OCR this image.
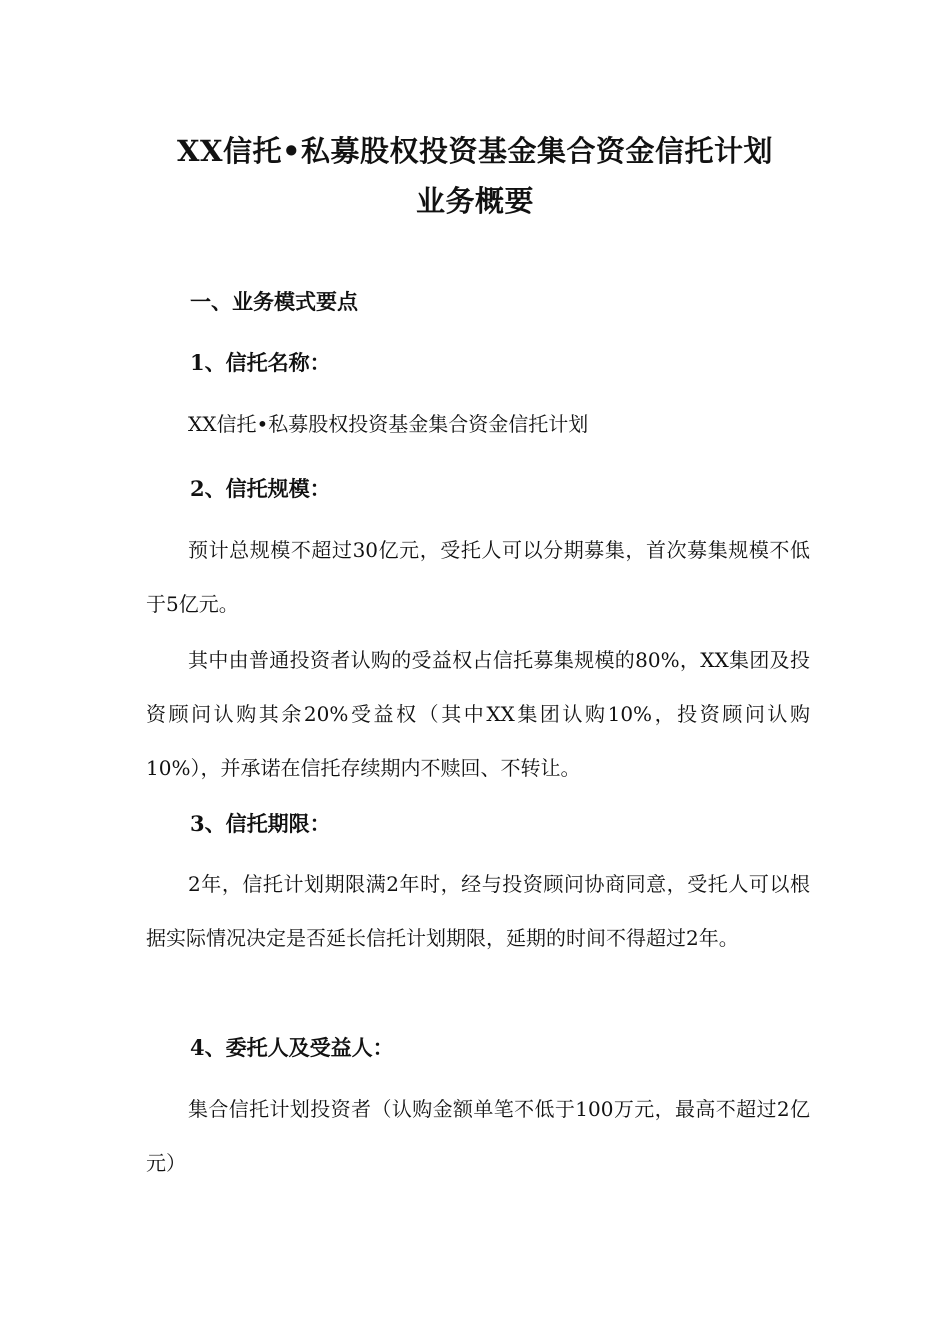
XX信托•私募股权投资基金集合资金信托计划
业务概要
一、业务模式要点
1、信托名称：

XX信托•私募股权投资基金集合资金信托计划

2、信托规模：

预计总规模不超过30亿元，受托人可以分期募集，首次募集规模不低于5亿元。

其中由普通投资者认购的受益权占信托募集规模的80%，XX集团及投资顾问认购其余20%受益权（其中XX集团认购10%，投资顾问认购10%），并承诺在信托存续期内不赎回、不转让。

3、信托期限：

2年，信托计划期限满2年时，经与投资顾问协商同意，受托人可以根据实际情况决定是否延长信托计划期限，延期的时间不得超过2年。

4、委托人及受益人：

集合信托计划投资者（认购金额单笔不低于100万元，最高不超过2亿元）
